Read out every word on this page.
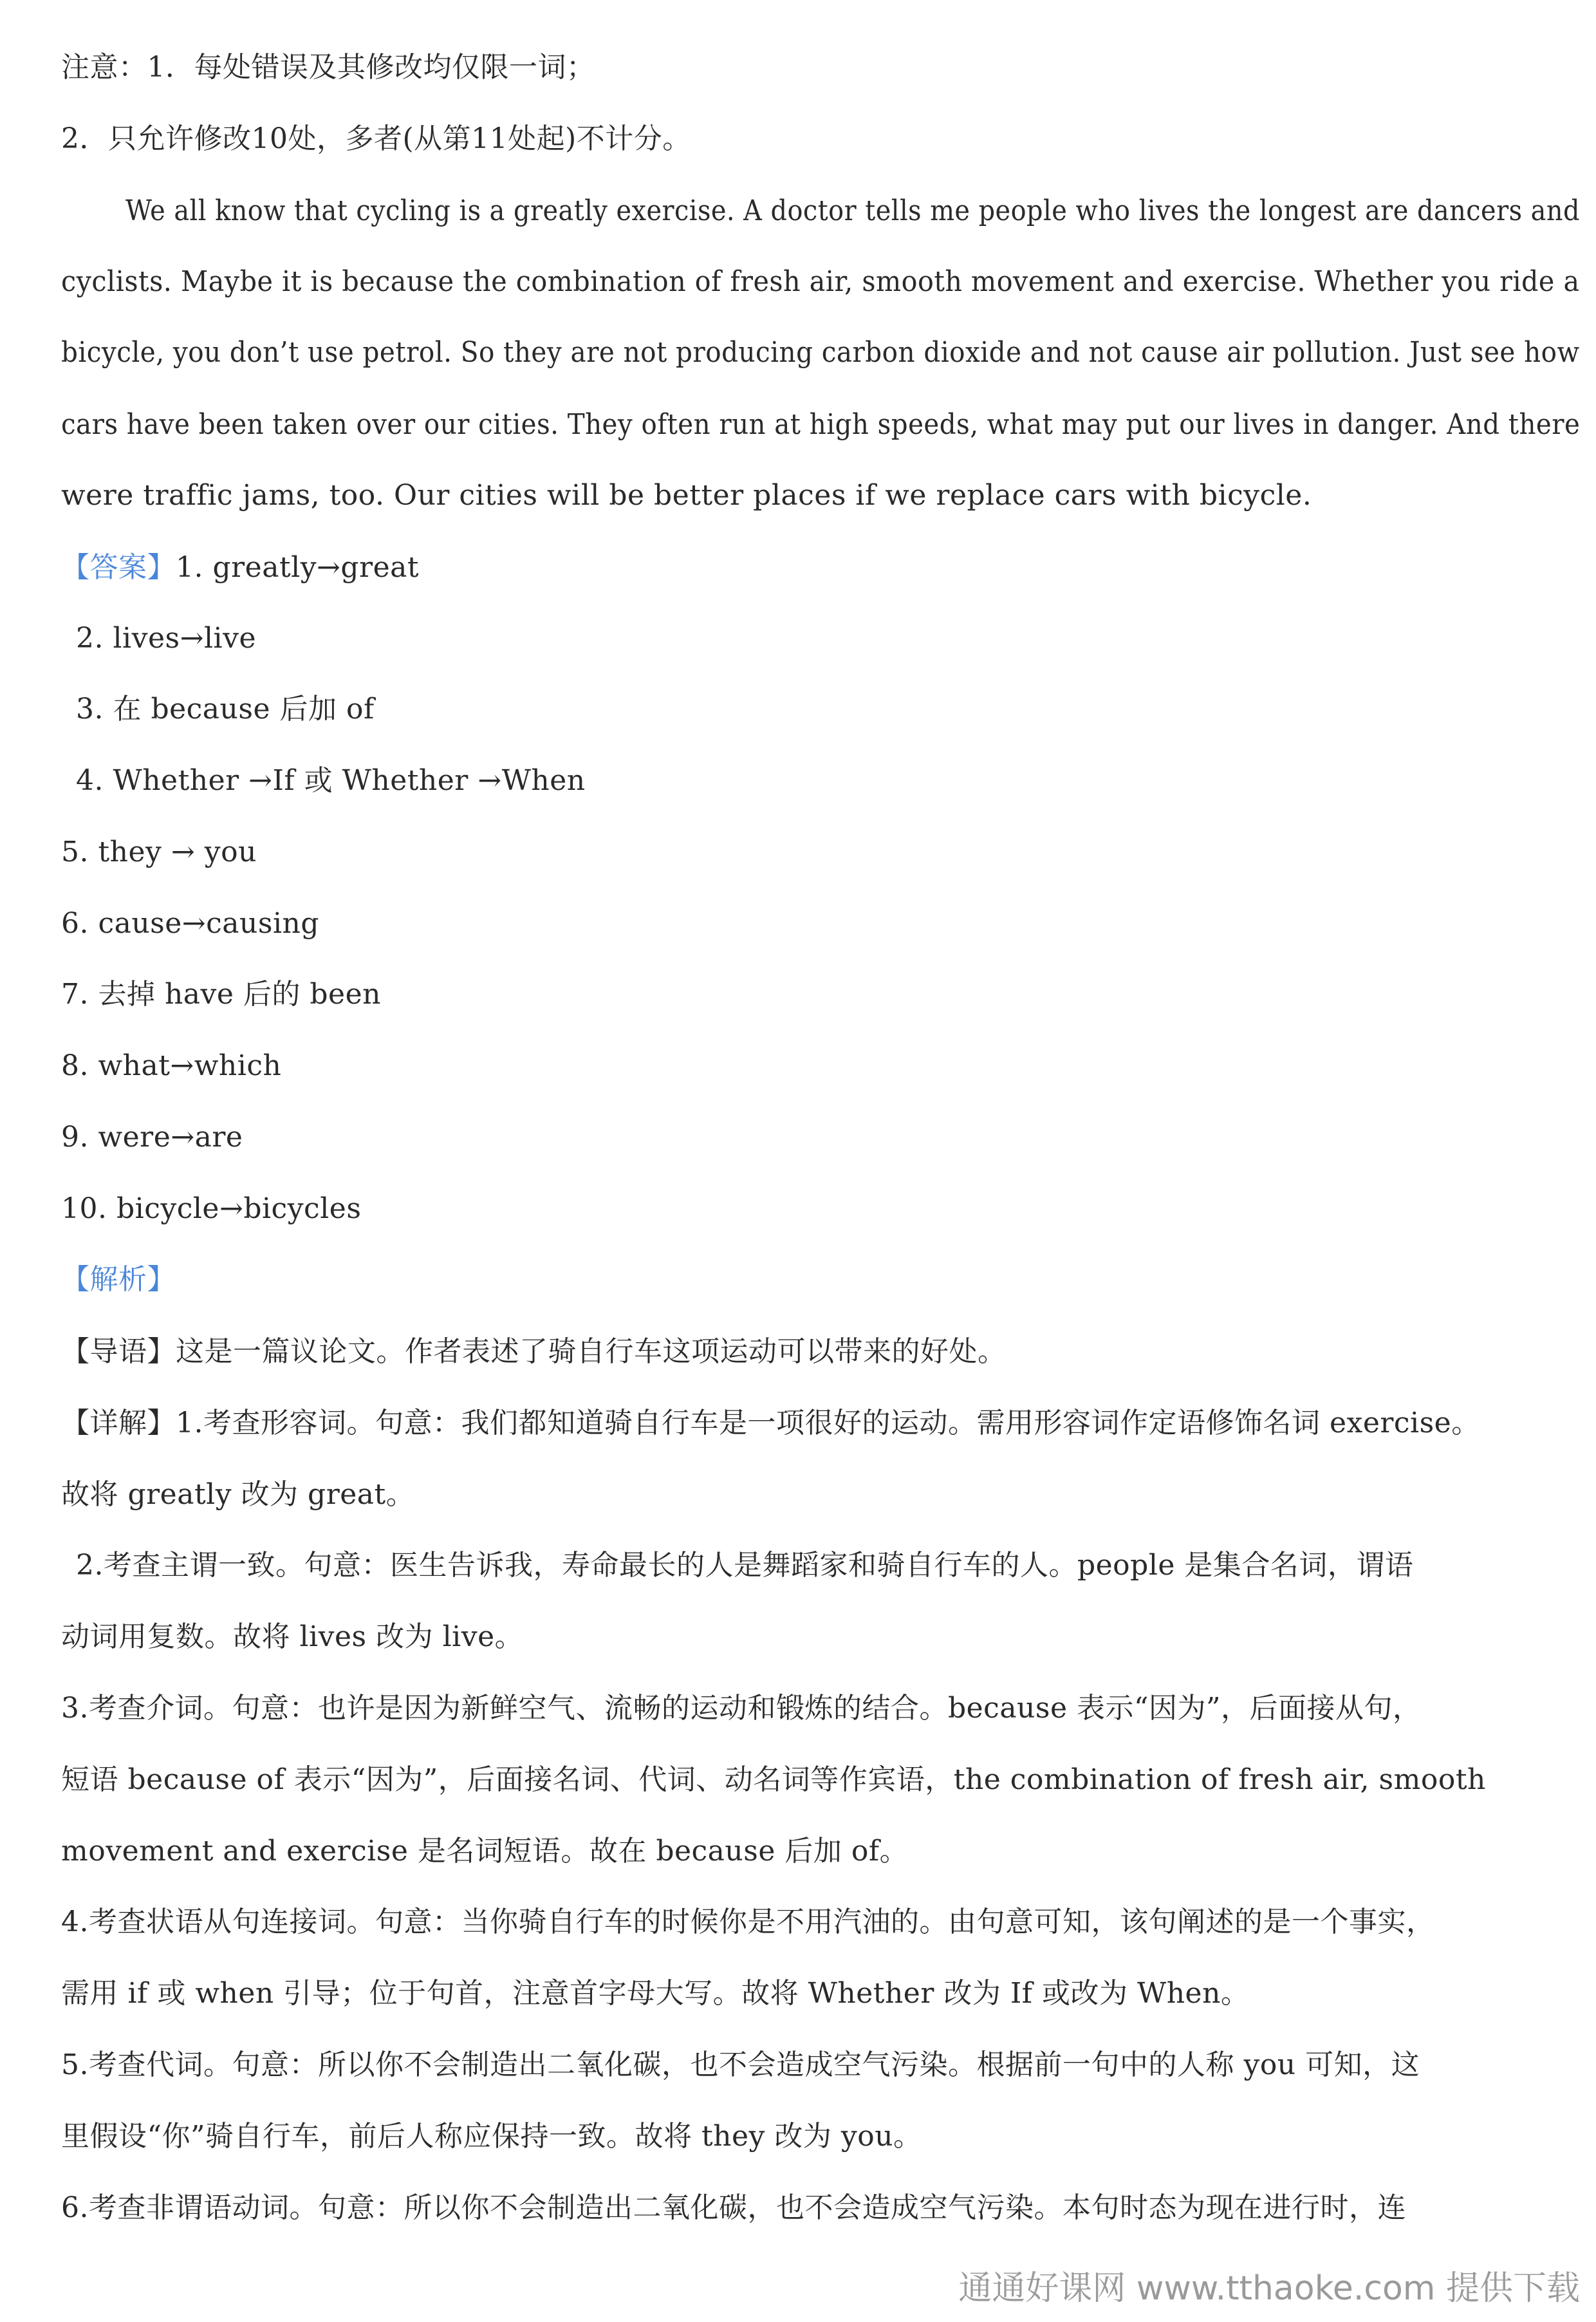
注意：1．每处错误及其修改均仅限一词；

2．只允许修改10处，多者(从第11处起)不计分。

We all know that cycling is a greatly exercise. A doctor tells me people who lives the longest are dancers and

cyclists. Maybe it is because the combination of fresh air, smooth movement and exercise. Whether you ride a

bicycle, you don’t use petrol. So they are not producing carbon dioxide and not cause air pollution. Just see how

cars have been taken over our cities. They often run at high speeds, what may put our lives in danger. And there

were traffic jams, too. Our cities will be better places if we replace cars with bicycle.

【答案】1. greatly→great

2. lives→live

3. 在 because 后加 of

4. Whether →If 或 Whether →When

5. they → you

6. cause→causing

7. 去掉 have 后的 been

8. what→which

9. were→are

10. bicycle→bicycles

【解析】

【导语】这是一篇议论文。作者表述了骑自行车这项运动可以带来的好处。

【详解】1.考查形容词。句意：我们都知道骑自行车是一项很好的运动。需用形容词作定语修饰名词 exercise。

故将 greatly 改为 great。

2.考查主谓一致。句意：医生告诉我，寿命最长的人是舞蹈家和骑自行车的人。people 是集合名词，谓语

动词用复数。故将 lives 改为 live。

3.考查介词。句意：也许是因为新鲜空气、流畅的运动和锻炼的结合。because 表示“因为”，后面接从句，

短语 because of 表示“因为”，后面接名词、代词、动名词等作宾语，the combination of fresh air, smooth

movement and exercise 是名词短语。故在 because 后加 of。

4.考查状语从句连接词。句意：当你骑自行车的时候你是不用汽油的。由句意可知，该句阐述的是一个事实，

需用 if 或 when 引导；位于句首，注意首字母大写。故将 Whether 改为 If 或改为 When。

5.考查代词。句意：所以你不会制造出二氧化碳，也不会造成空气污染。根据前一句中的人称 you 可知，这

里假设“你”骑自行车，前后人称应保持一致。故将 they 改为 you。

6.考查非谓语动词。句意：所以你不会制造出二氧化碳，也不会造成空气污染。本句时态为现在进行时，连

通通好课网 www.tthaoke.com 提供下载
